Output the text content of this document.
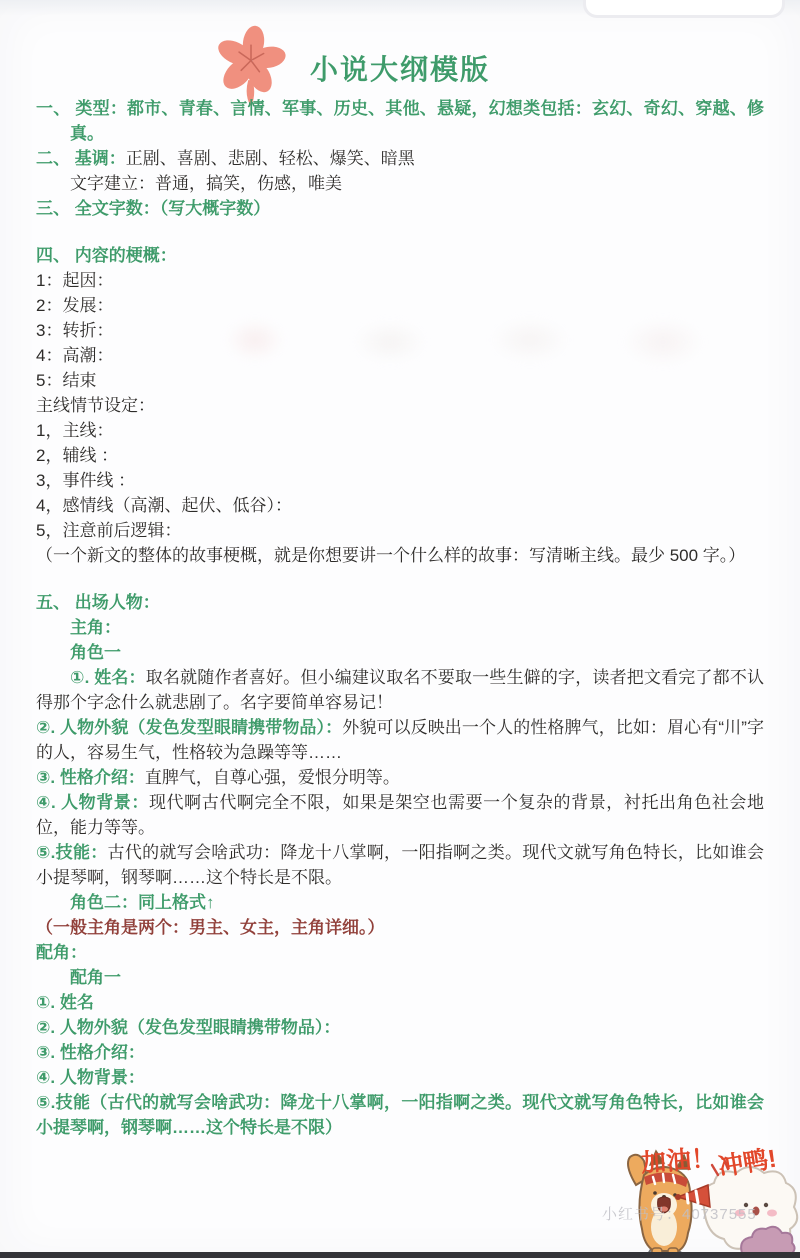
小说大纲模版

一、 类型：都市、青春、言情、军事、历史、其他、悬疑，幻想类包括：玄幻、奇幻、穿越、修真。

二、 基调：正剧、喜剧、悲剧、轻松、爆笑、暗黑

文字建立：普通，搞笑，伤感，唯美

三、 全文字数：（写大概字数）

四、 内容的梗概：

1：起因：

2：发展：

3：转折：

4：高潮：

5：结束

主线情节设定：

1，主线：

2，辅线 ：

3，事件线 ：

4，感情线（高潮、起伏、低谷）：

5，注意前后逻辑：

（一个新文的整体的故事梗概，就是你想要讲一个什么样的故事：写清晰主线。最少 500 字。）

五、 出场人物：

主角：

角色一

①. 姓名：取名就随作者喜好。但小编建议取名不要取一些生僻的字，读者把文看完了都不认得那个字念什么就悲剧了。名字要简单容易记！

②. 人物外貌（发色发型眼睛携带物品）：外貌可以反映出一个人的性格脾气，比如：眉心有“川”字的人，容易生气，性格较为急躁等等……

③. 性格介绍：直脾气，自尊心强，爱恨分明等。

④. 人物背景：现代啊古代啊完全不限，如果是架空也需要一个复杂的背景，衬托出角色社会地位，能力等等。

⑤.技能：古代的就写会啥武功：降龙十八掌啊，一阳指啊之类。现代文就写角色特长，比如谁会小提琴啊，钢琴啊……这个特长是不限。

角色二：同上格式↑

（一般主角是两个：男主、女主，主角详细。）

配角：

配角一

①. 姓名

②. 人物外貌（发色发型眼睛携带物品）：

③. 性格介绍：

④. 人物背景：

⑤.技能（古代的就写会啥武功：降龙十八掌啊，一阳指啊之类。现代文就写角色特长，比如谁会小提琴啊，钢琴啊……这个特长是不限）

加油！ 冲鸭!
小红书号：40737555
